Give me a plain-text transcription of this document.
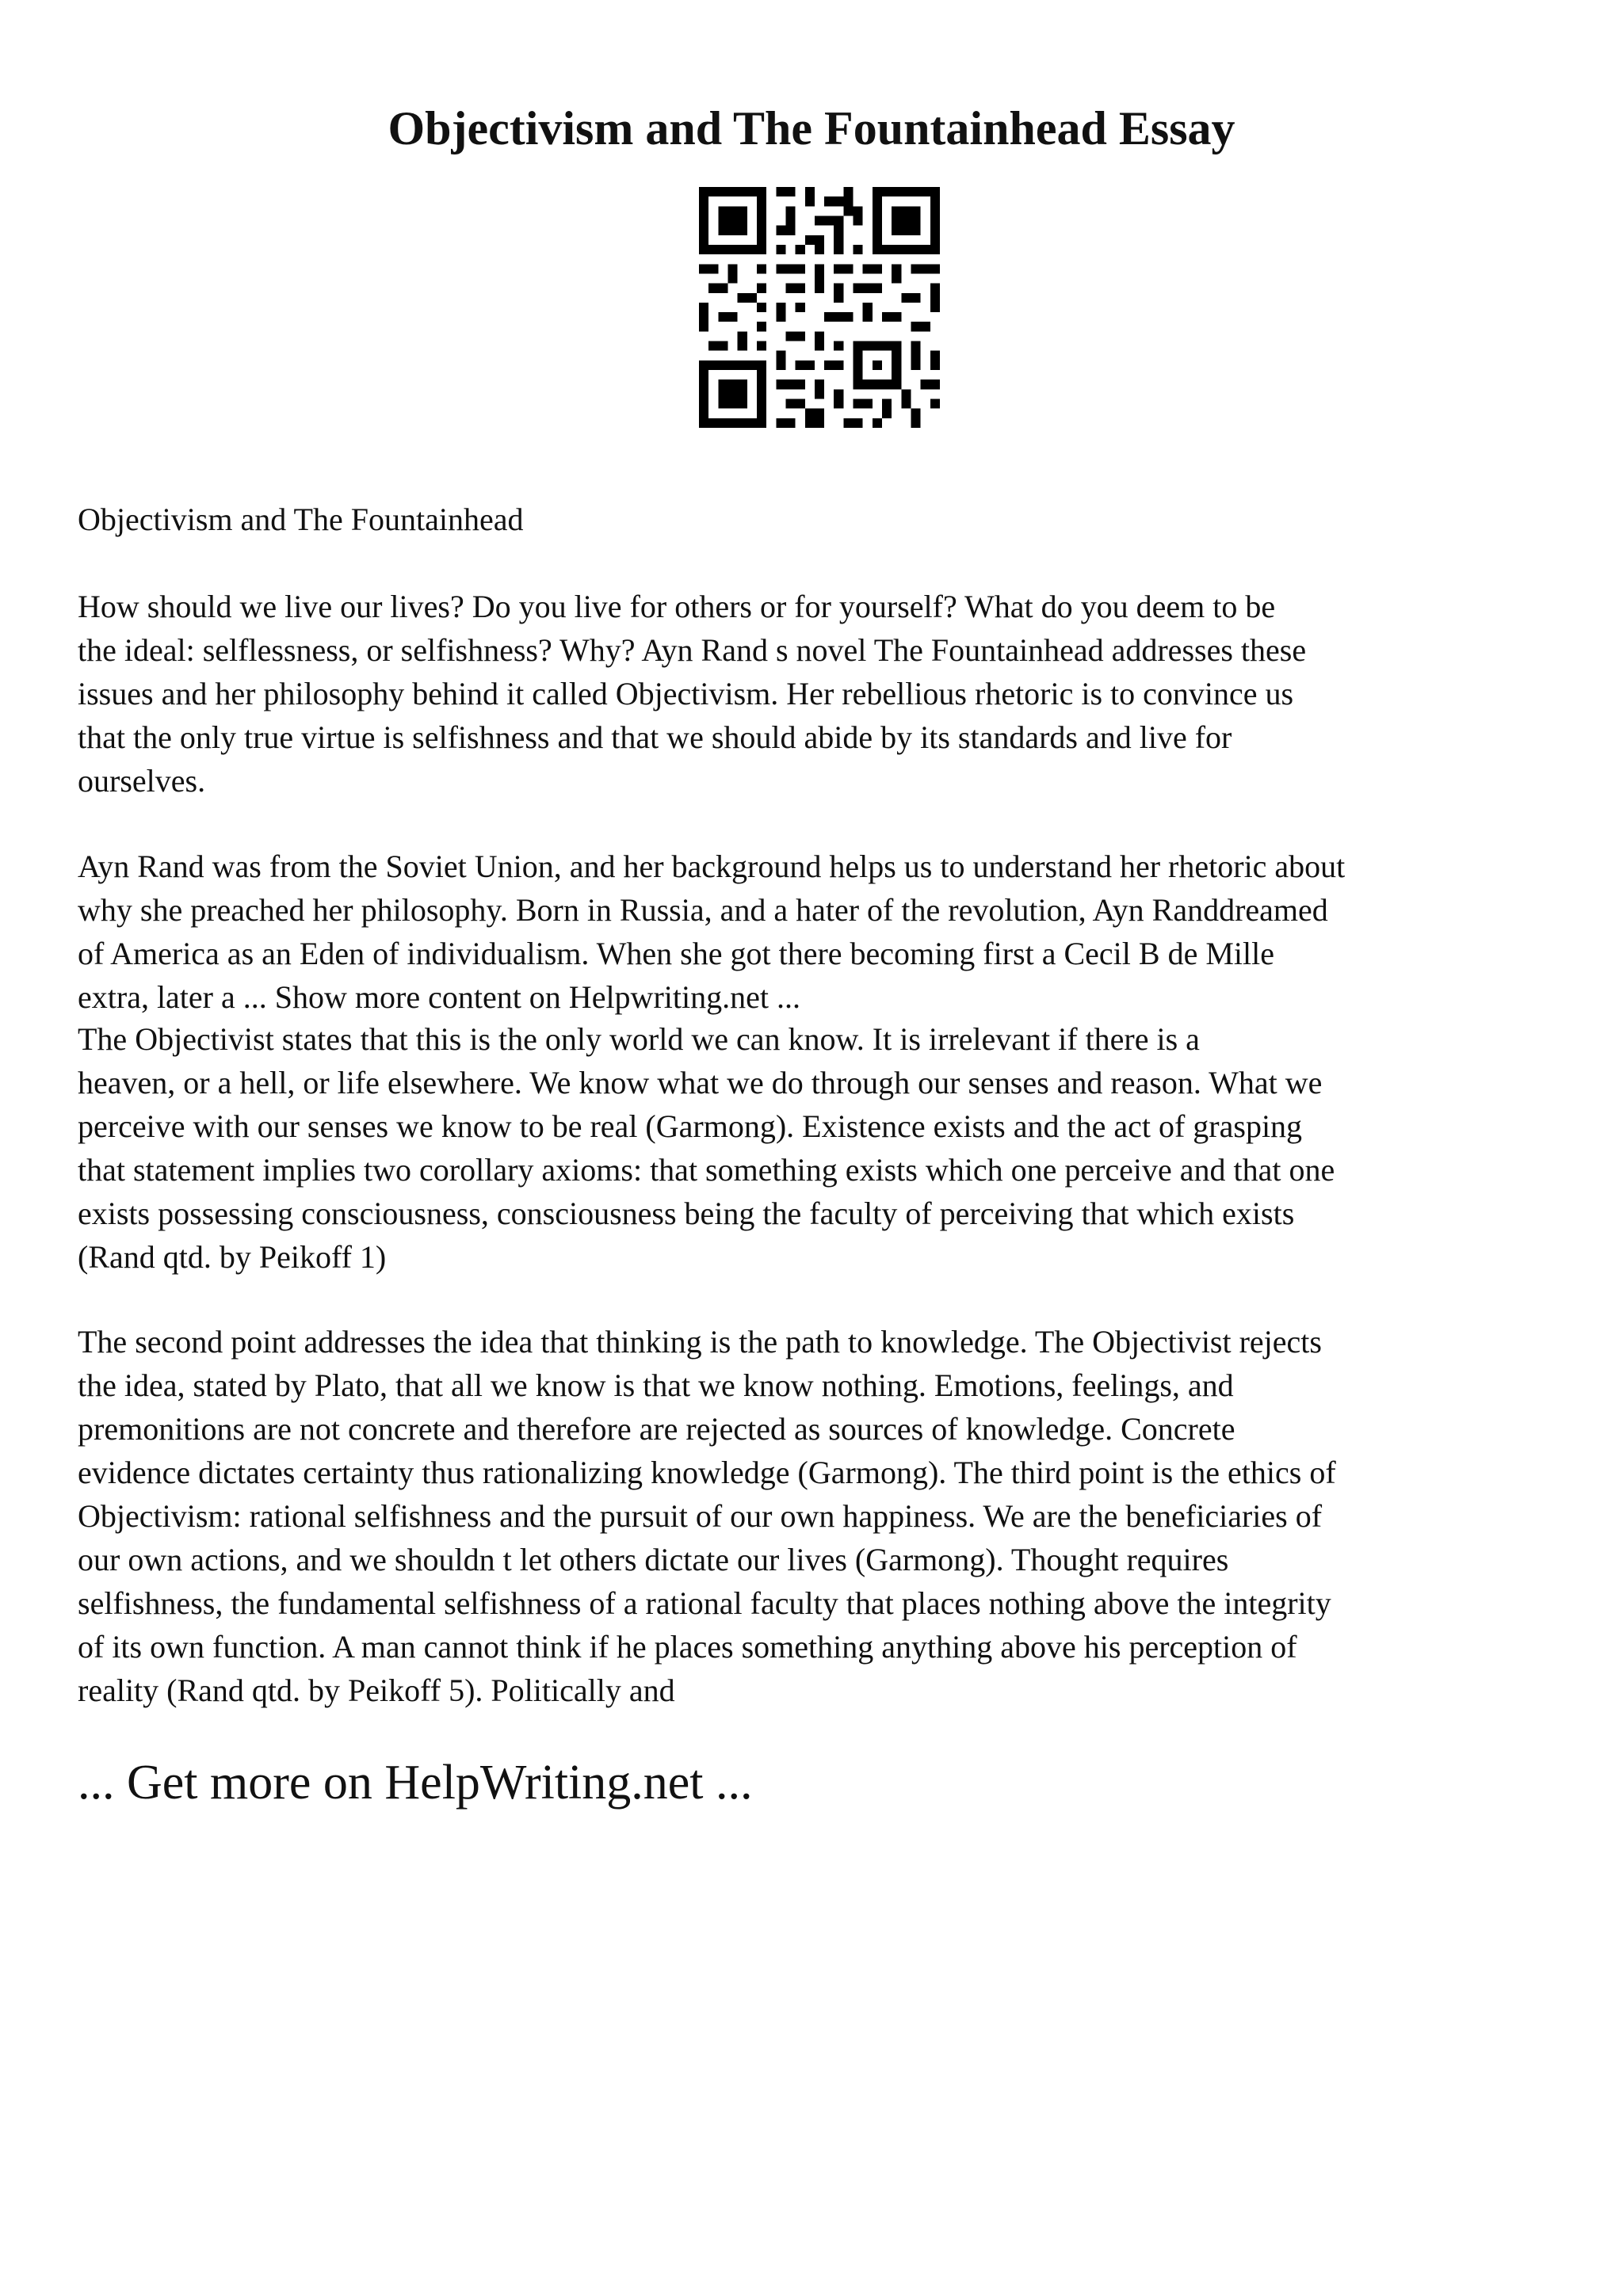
Objectivism and The Fountainhead Essay

Objectivism and The Fountainhead

How should we live our lives? Do you live for others or for yourself? What do you deem to be
the ideal: selflessness, or selfishness? Why? Ayn Rand s novel The Fountainhead addresses these
issues and her philosophy behind it called Objectivism. Her rebellious rhetoric is to convince us
that the only true virtue is selfishness and that we should abide by its standards and live for
ourselves.

Ayn Rand was from the Soviet Union, and her background helps us to understand her rhetoric about
why she preached her philosophy. Born in Russia, and a hater of the revolution, Ayn Randdreamed
of America as an Eden of individualism. When she got there becoming first a Cecil B de Mille
extra, later a ... Show more content on Helpwriting.net ...

The Objectivist states that this is the only world we can know. It is irrelevant if there is a
heaven, or a hell, or life elsewhere. We know what we do through our senses and reason. What we
perceive with our senses we know to be real (Garmong). Existence exists and the act of grasping
that statement implies two corollary axioms: that something exists which one perceive and that one
exists possessing consciousness, consciousness being the faculty of perceiving that which exists
(Rand qtd. by Peikoff 1)

The second point addresses the idea that thinking is the path to knowledge. The Objectivist rejects
the idea, stated by Plato, that all we know is that we know nothing. Emotions, feelings, and
premonitions are not concrete and therefore are rejected as sources of knowledge. Concrete
evidence dictates certainty thus rationalizing knowledge (Garmong). The third point is the ethics of
Objectivism: rational selfishness and the pursuit of our own happiness. We are the beneficiaries of
our own actions, and we shouldn t let others dictate our lives (Garmong). Thought requires
selfishness, the fundamental selfishness of a rational faculty that places nothing above the integrity
of its own function. A man cannot think if he places something anything above his perception of
reality (Rand qtd. by Peikoff 5). Politically and

... Get more on HelpWriting.net ...
